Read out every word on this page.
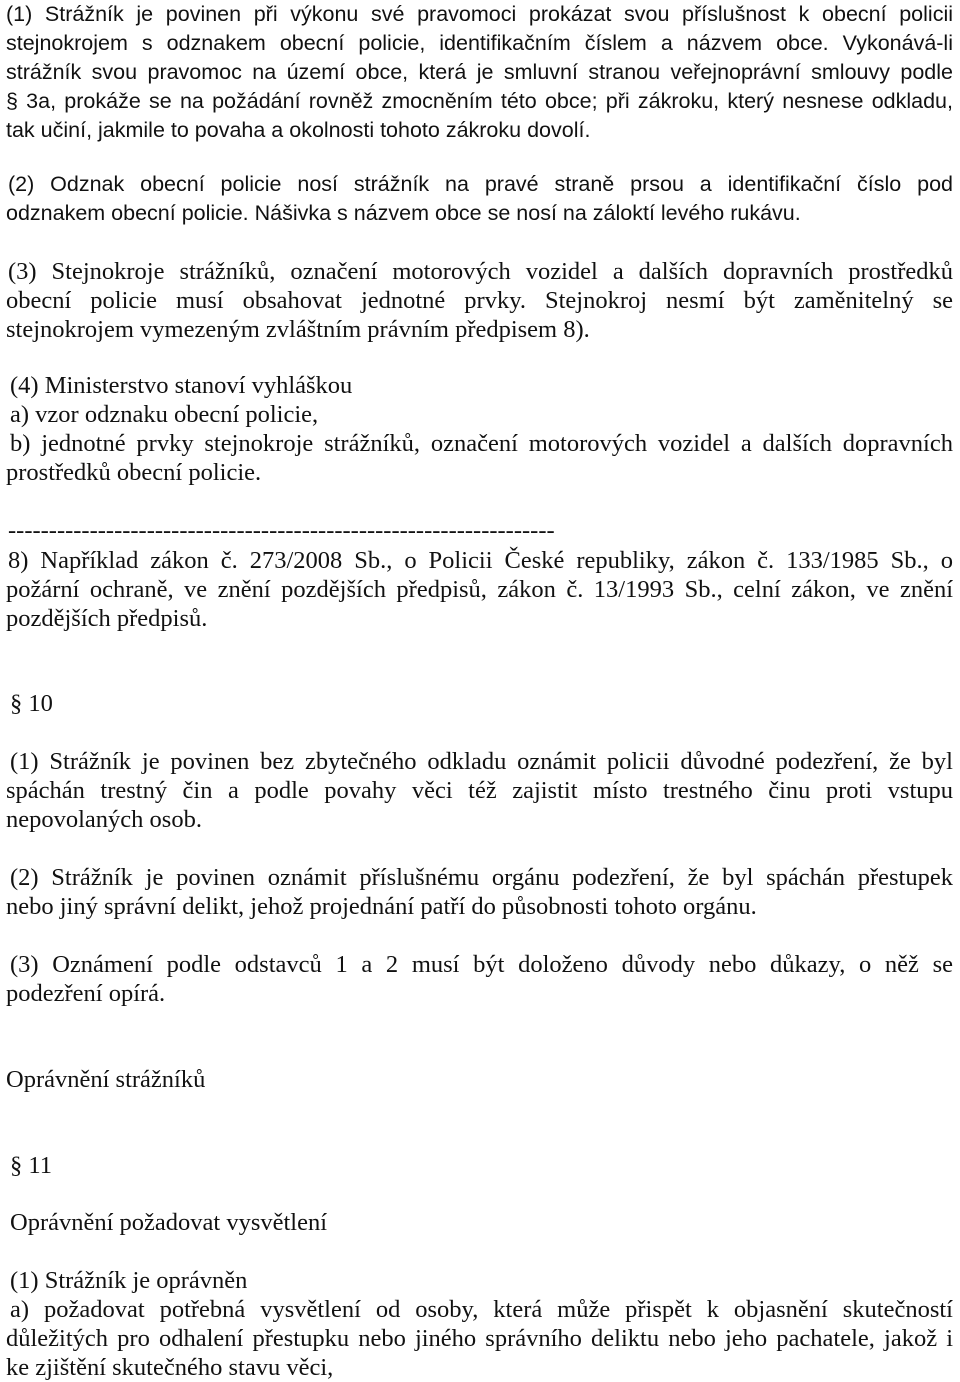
(1) Strážník je povinen při výkonu své pravomoci prokázat svou příslušnost k obecní policii
stejnokrojem s odznakem obecní policie, identifikačním číslem a názvem obce. Vykonává-li
strážník svou pravomoc na území obce, která je smluvní stranou veřejnoprávní smlouvy podle
§ 3a, prokáže se na požádání rovněž zmocněním této obce; při zákroku, který nesnese odkladu,
tak učiní, jakmile to povaha a okolnosti tohoto zákroku dovolí.
(2) Odznak obecní policie nosí strážník na pravé straně prsou a identifikační číslo pod
odznakem obecní policie. Nášivka s názvem obce se nosí na záloktí levého rukávu.
(3) Stejnokroje strážníků, označení motorových vozidel a dalších dopravních prostředků
obecní policie musí obsahovat jednotné prvky. Stejnokroj nesmí být zaměnitelný se
stejnokrojem vymezeným zvláštním právním předpisem 8).
(4) Ministerstvo stanoví vyhláškou
a) vzor odznaku obecní policie,
b) jednotné prvky stejnokroje strážníků, označení motorových vozidel a dalších dopravních
prostředků obecní policie.
-------------------------------------------------------------------
8) Například zákon č. 273/2008 Sb., o Policii České republiky, zákon č. 133/1985 Sb., o
požární ochraně, ve znění pozdějších předpisů, zákon č. 13/1993 Sb., celní zákon, ve znění
pozdějších předpisů.
§ 10
(1) Strážník je povinen bez zbytečného odkladu oznámit policii důvodné podezření, že byl
spáchán trestný čin a podle povahy věci též zajistit místo trestného činu proti vstupu
nepovolaných osob.
(2) Strážník je povinen oznámit příslušnému orgánu podezření, že byl spáchán přestupek
nebo jiný správní delikt, jehož projednání patří do působnosti tohoto orgánu.
(3) Oznámení podle odstavců 1 a 2 musí být doloženo důvody nebo důkazy, o něž se
podezření opírá.
Oprávnění strážníků
§ 11
Oprávnění požadovat vysvětlení
(1) Strážník je oprávněn
a) požadovat potřebná vysvětlení od osoby, která může přispět k objasnění skutečností
důležitých pro odhalení přestupku nebo jiného správního deliktu nebo jeho pachatele, jakož i
ke zjištění skutečného stavu věci,
